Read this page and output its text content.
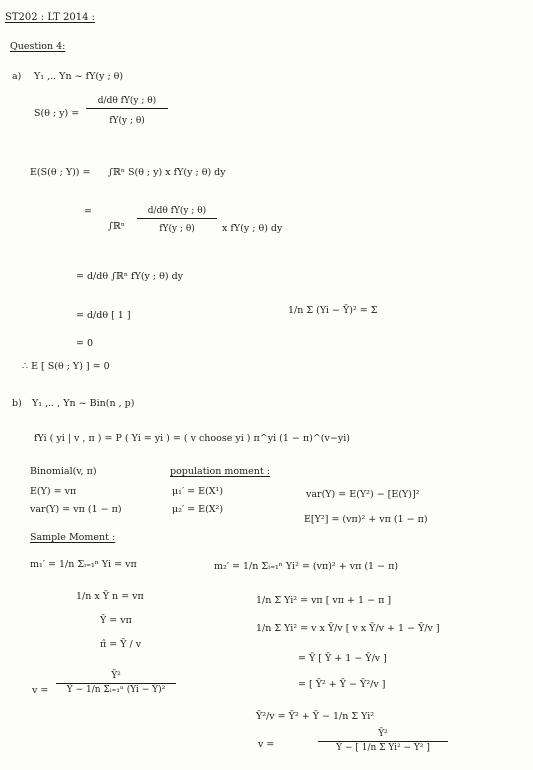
ST202 : LT 2014 :
Question 4:
a) Y₁ ,.. Yn ~ fY(y ; θ)
S(θ ; y) =
d/dθ fY(y ; θ)
fY(y ; θ)
E(S(θ ; Y)) = ∫ℝⁿ S(θ ; y) x fY(y ; θ) dy
=
∫ℝⁿ
d/dθ fY(y ; θ)
fY(y ; θ)	x fY(y ; θ) dy
= d/dθ ∫ℝⁿ fY(y ; θ) dy
= d/dθ [ 1 ]	1/n Σ (Yi − Ȳ)² = Σ
= 0
∴ E [ S(θ ; Y) ] = 0
b) Y₁ ,.. , Yn ~ Bin(n , p)
fYi ( yi | v , π ) = P ( Yi = yi ) = ( v choose yi ) π^yi (1 − π)^(v−yi)
Binomial(v, π)
E(Y) = vπ
var(Y) = vπ (1 − π)
population moment :
μ₁′ = E(X¹)
μ₂′ = E(X²)
var(Y) = E(Y²) − [E(Y)]²
E[Y²] = (vπ)² + vπ (1 − π)
Sample Moment :
m₁′ = 1/n Σᵢ₌₁ⁿ Yi = vπ
1/n x Ȳ n = vπ
Ȳ = vπ
π̂ = Ȳ / v
m₂′ = 1/n Σᵢ₌₁ⁿ Yi² = (vπ)² + vπ (1 − π)
1/n Σ Yi² = vπ [ vπ + 1 − π ]
1/n Σ Yi² = v x Ȳ/v [ v x Ȳ/v + 1 − Ȳ/v ]
= Ȳ [ Ȳ + 1 − Ȳ/v ]
= [ Ȳ² + Ȳ − Ȳ²/v ]
Ȳ²/v = Ȳ² + Ȳ − 1/n Σ Yi²
v =
Ȳ²
Ȳ − 1/n Σᵢ₌₁ⁿ (Yi − Ȳ)²
v =
Ȳ²
Ȳ − [ 1/n Σ Yi² − Ȳ² ]
